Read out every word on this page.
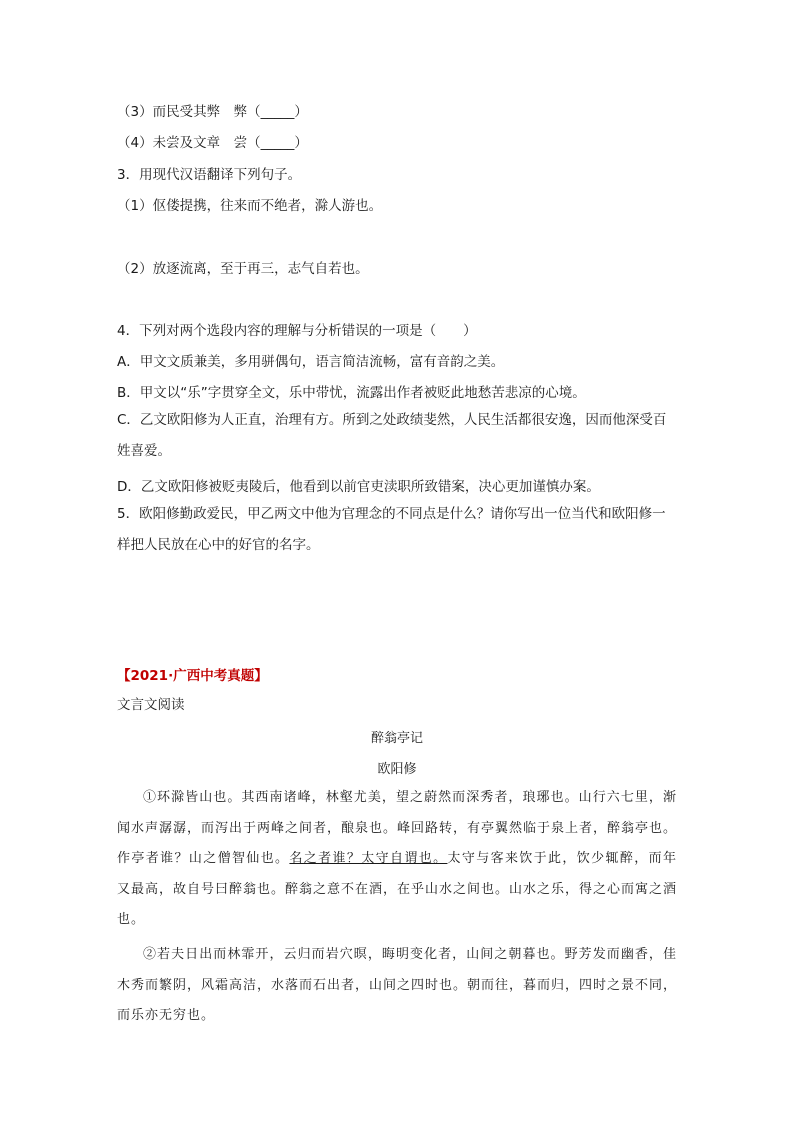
（3）而民受其弊　弊（_____）
（4）未尝及文章　尝（_____）
3．用现代汉语翻译下列句子。
（1）伛偻提携，往来而不绝者，滁人游也。
（2）放逐流离，至于再三，志气自若也。
4．下列对两个选段内容的理解与分析错误的一项是（　　）
A．甲文文质兼美，多用骈偶句，语言简洁流畅，富有音韵之美。
B．甲文以“乐”字贯穿全文，乐中带忧，流露出作者被贬此地愁苦悲凉的心境。
C．乙文欧阳修为人正直，治理有方。所到之处政绩斐然，人民生活都很安逸，因而他深受百姓喜爱。
D．乙文欧阳修被贬夷陵后，他看到以前官吏渎职所致错案，决心更加谨慎办案。
5．欧阳修勤政爱民，甲乙两文中他为官理念的不同点是什么？请你写出一位当代和欧阳修一样把人民放在心中的好官的名字。
【2021·广西中考真题】
文言文阅读
醉翁亭记
欧阳修
①环滁皆山也。其西南诸峰，林壑尤美，望之蔚然而深秀者，琅琊也。山行六七里，渐闻水声潺潺，而泻出于两峰之间者，酿泉也。峰回路转，有亭翼然临于泉上者，醉翁亭也。作亭者谁？山之僧智仙也。名之者谁？太守自谓也。太守与客来饮于此，饮少辄醉，而年又最高，故自号曰醉翁也。醉翁之意不在酒，在乎山水之间也。山水之乐，得之心而寓之酒也。
②若夫日出而林霏开，云归而岩穴暝，晦明变化者，山间之朝暮也。野芳发而幽香，佳木秀而繁阴，风霜高洁，水落而石出者，山间之四时也。朝而往，暮而归，四时之景不同，而乐亦无穷也。
